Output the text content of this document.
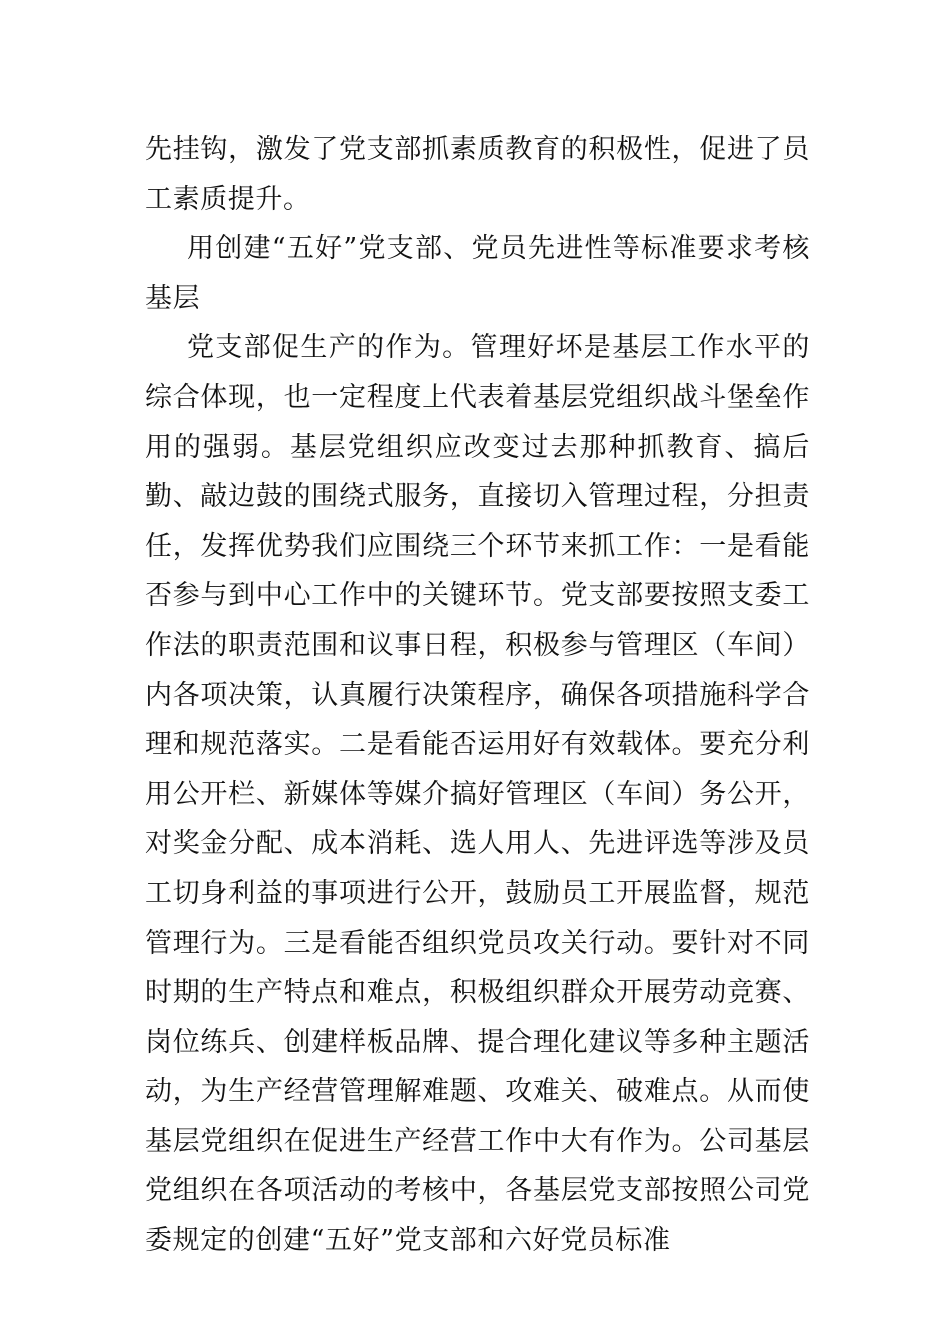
先挂钩，激发了党支部抓素质教育的积极性，促进了员工素质提升。

用创建“五好”党支部、党员先进性等标准要求考核基层

党支部促生产的作为。管理好坏是基层工作水平的综合体现，也一定程度上代表着基层党组织战斗堡垒作用的强弱。基层党组织应改变过去那种抓教育、搞后勤、敲边鼓的围绕式服务，直接切入管理过程，分担责任，发挥优势我们应围绕三个环节来抓工作：一是看能否参与到中心工作中的关键环节。党支部要按照支委工作法的职责范围和议事日程，积极参与管理区（车间）内各项决策，认真履行决策程序，确保各项措施科学合理和规范落实。二是看能否运用好有效载体。要充分利用公开栏、新媒体等媒介搞好管理区（车间）务公开，对奖金分配、成本消耗、选人用人、先进评选等涉及员工切身利益的事项进行公开，鼓励员工开展监督，规范管理行为。三是看能否组织党员攻关行动。要针对不同时期的生产特点和难点，积极组织群众开展劳动竞赛、岗位练兵、创建样板品牌、提合理化建议等多种主题活动，为生产经营管理解难题、攻难关、破难点。从而使基层党组织在促进生产经营工作中大有作为。公司基层党组织在各项活动的考核中，各基层党支部按照公司党委规定的创建“五好”党支部和六好党员标准
